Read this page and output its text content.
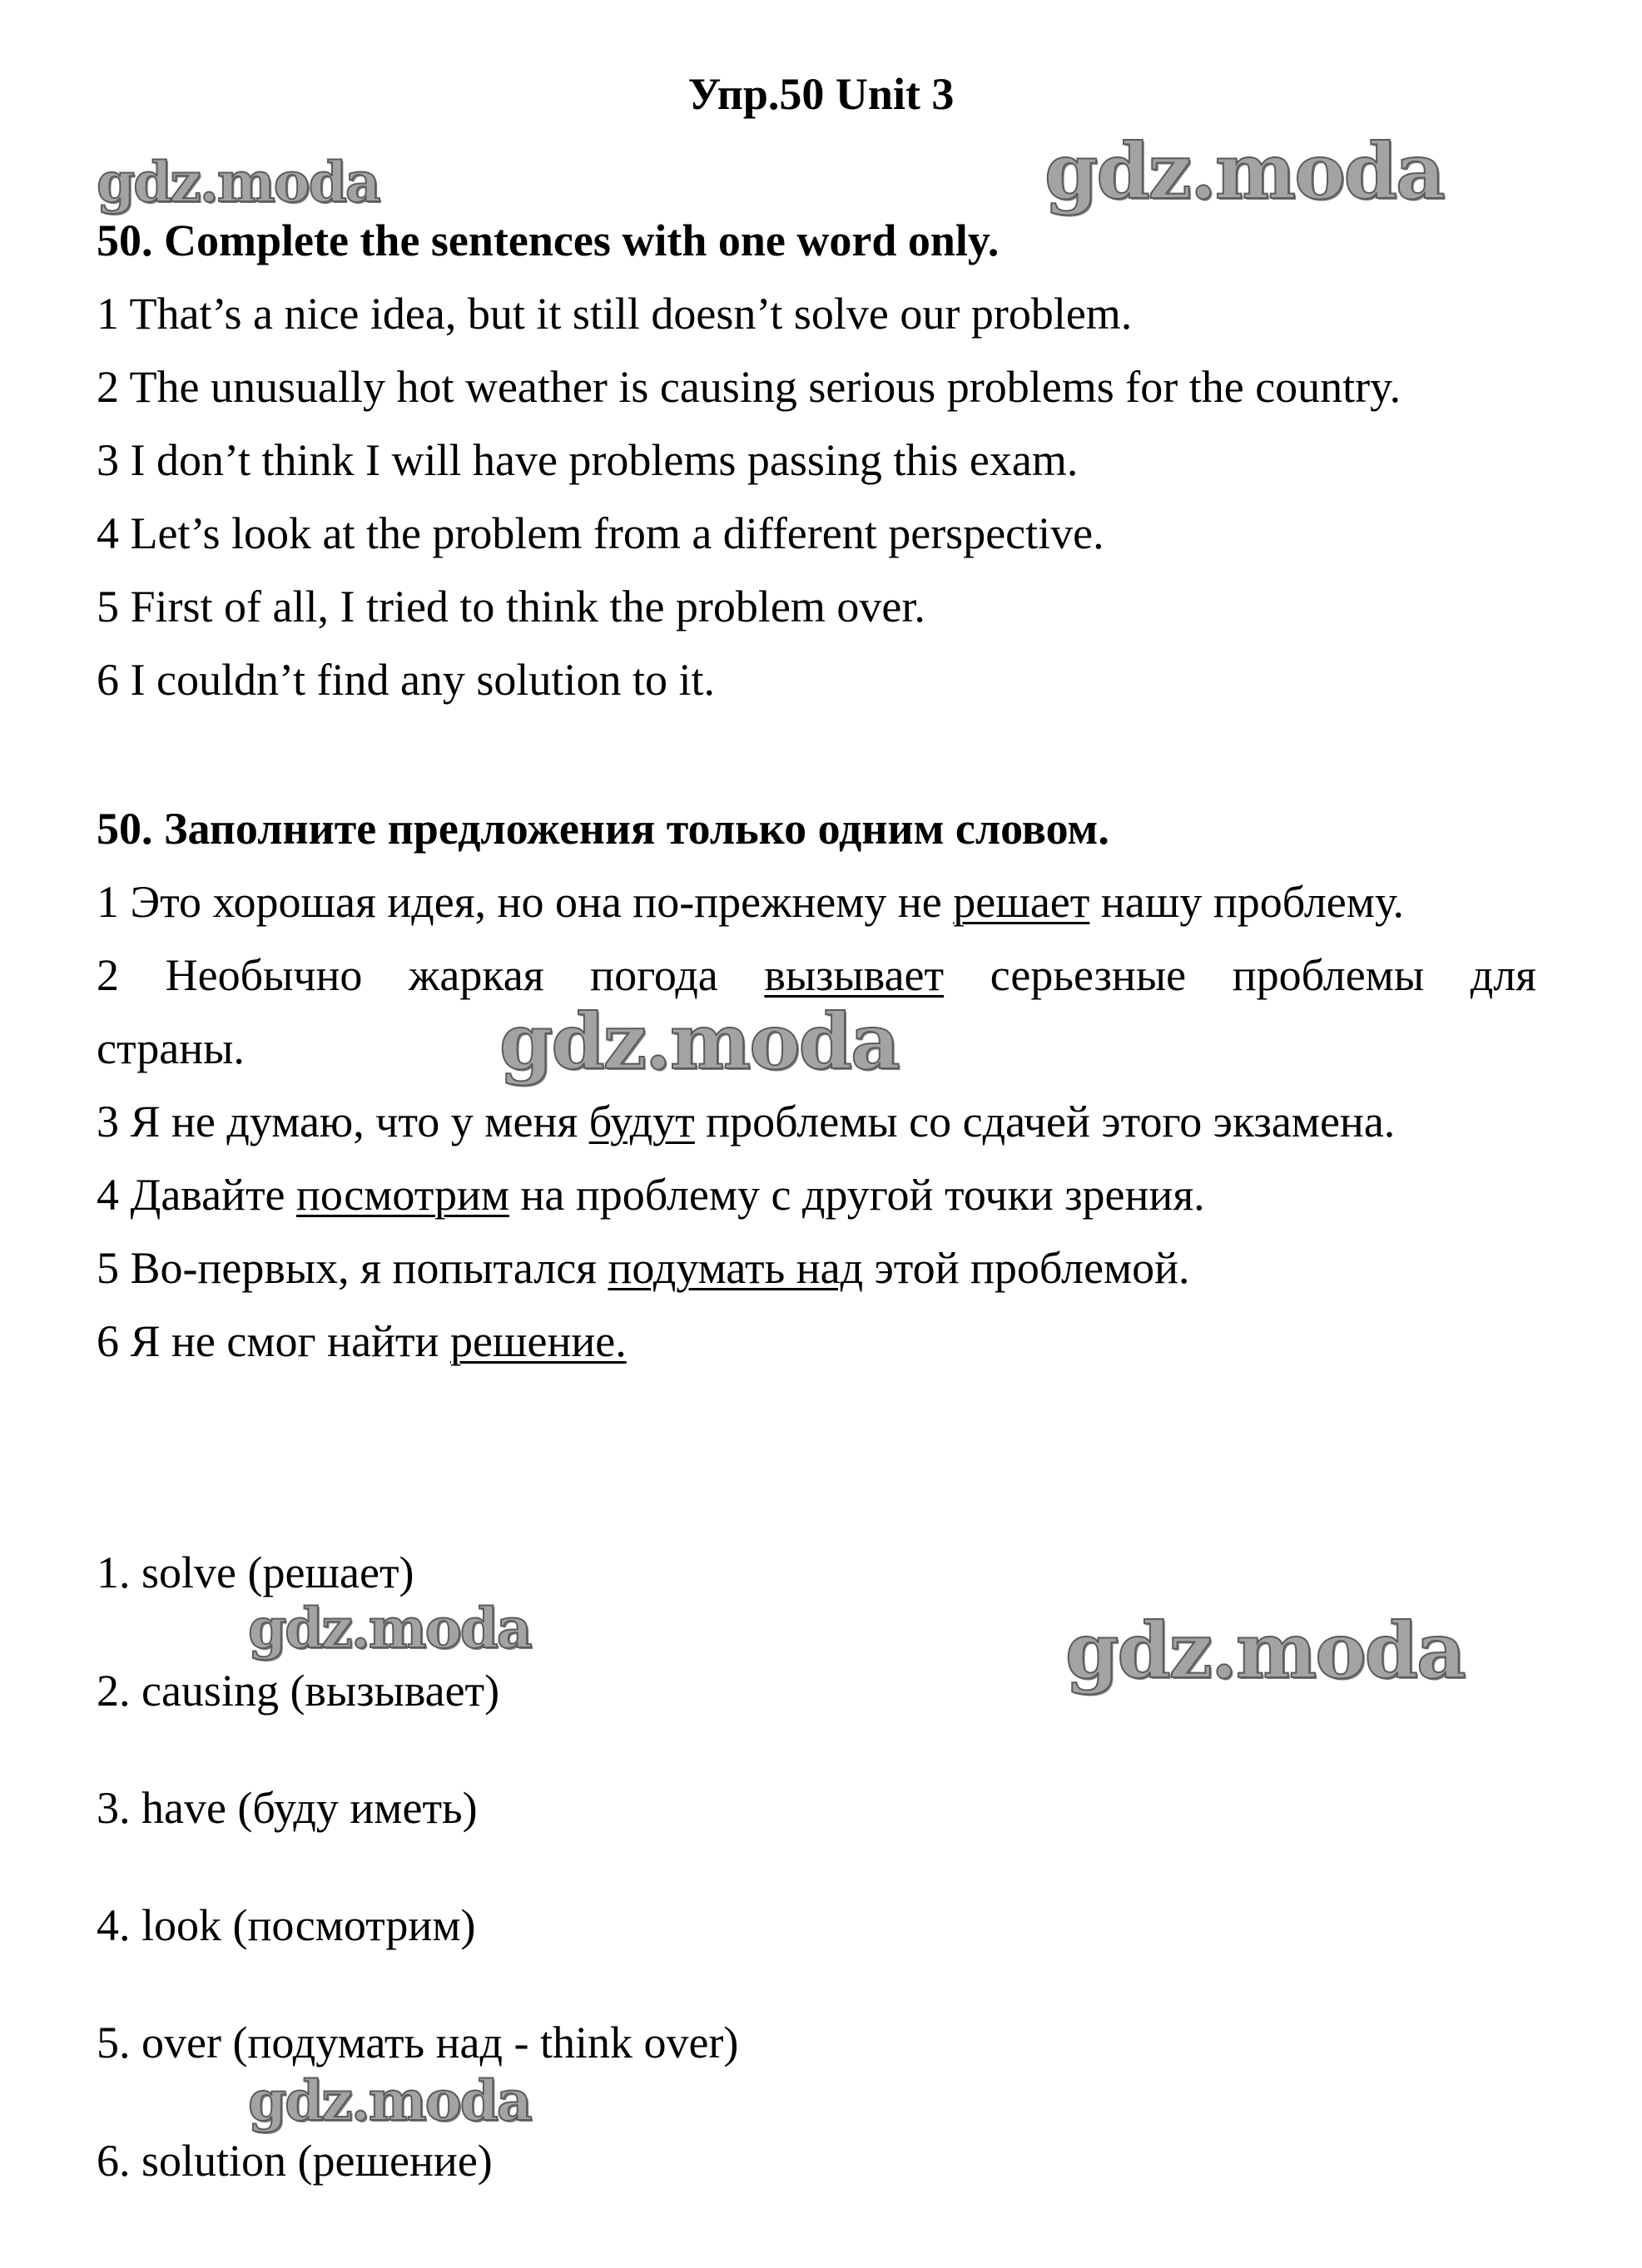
Упр.50 Unit 3
50. Complete the sentences with one word only.
1 That’s a nice idea, but it still doesn’t solve our problem.
2 The unusually hot weather is causing serious problems for the country.
3 I don’t think I will have problems passing this exam.
4 Let’s look at the problem from a different perspective.
5 First of all, I tried to think the problem over.
6 I couldn’t find any solution to it.
50. Заполните предложения только одним словом.
1 Это хорошая идея, но она по-прежнему не решает нашу проблему.
2 Необычно жаркая погода вызывает серьезные проблемы для
страны.
3 Я не думаю, что у меня будут проблемы со сдачей этого экзамена.
4 Давайте посмотрим на проблему с другой точки зрения.
5 Во-первых, я попытался подумать над этой проблемой.
6 Я не смог найти решение.
1. solve (решает)
2. causing (вызывает)
3. have (буду иметь)
4. look (посмотрим)
5. over (подумать над - think over)
6. solution (решение)
gdz.moda	gdz.moda
gdz.moda
gdz.moda	gdz.moda
gdz.moda
